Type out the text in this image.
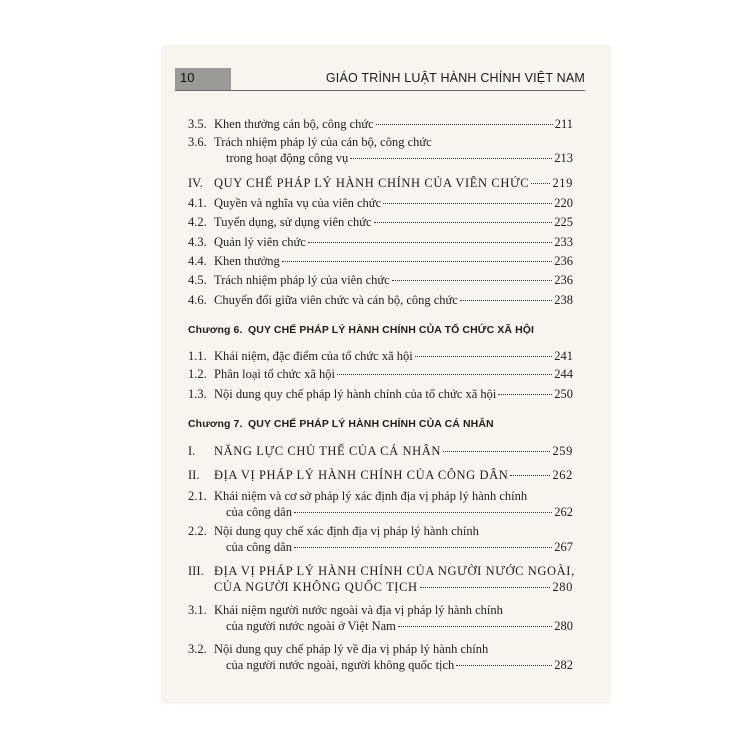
10	GIÁO TRÌNH LUẬT HÀNH CHÍNH VIỆT NAM
3.5. Khen thưởng cán bộ, công chức	211
3.6. Trách nhiệm pháp lý của cán bộ, công chức
trong hoạt động công vụ	213
IV. QUY CHẾ PHÁP LÝ HÀNH CHÍNH CỦA VIÊN CHỨC 219
4.1. Quyền và nghĩa vụ của viên chức	220
4.2. Tuyển dụng, sử dụng viên chức	225
4.3. Quản lý viên chức	233
4.4. Khen thưởng	236
4.5. Trách nhiệm pháp lý của viên chức	236
4.6. Chuyển đổi giữa viên chức và cán bộ, công chức	238
Chương 6. QUY CHẾ PHÁP LÝ HÀNH CHÍNH CỦA TỔ CHỨC XÃ HỘI
1.1. Khái niệm, đặc điểm của tổ chức xã hội	241
1.2. Phân loại tổ chức xã hội	244
1.3. Nội dung quy chế pháp lý hành chính của tổ chức xã hội	250
Chương 7. QUY CHẾ PHÁP LÝ HÀNH CHÍNH CỦA CÁ NHÂN
I. NĂNG LỰC CHỦ THỂ CỦA CÁ NHÂN	259
II. ĐỊA VỊ PHÁP LÝ HÀNH CHÍNH CỦA CÔNG DÂN	262
2.1. Khái niệm và cơ sở pháp lý xác định địa vị pháp lý hành chính
của công dân	262
2.2. Nội dung quy chế xác định địa vị pháp lý hành chính
của công dân	267
III. ĐỊA VỊ PHÁP LÝ HÀNH CHÍNH CỦA NGƯỜI NƯỚC NGOÀI,
CỦA NGƯỜI KHÔNG QUỐC TỊCH	280
3.1. Khái niệm người nước ngoài và địa vị pháp lý hành chính
của người nước ngoài ở Việt Nam	280
3.2. Nội dung quy chế pháp lý về địa vị pháp lý hành chính
của người nước ngoài, người không quốc tịch	282
